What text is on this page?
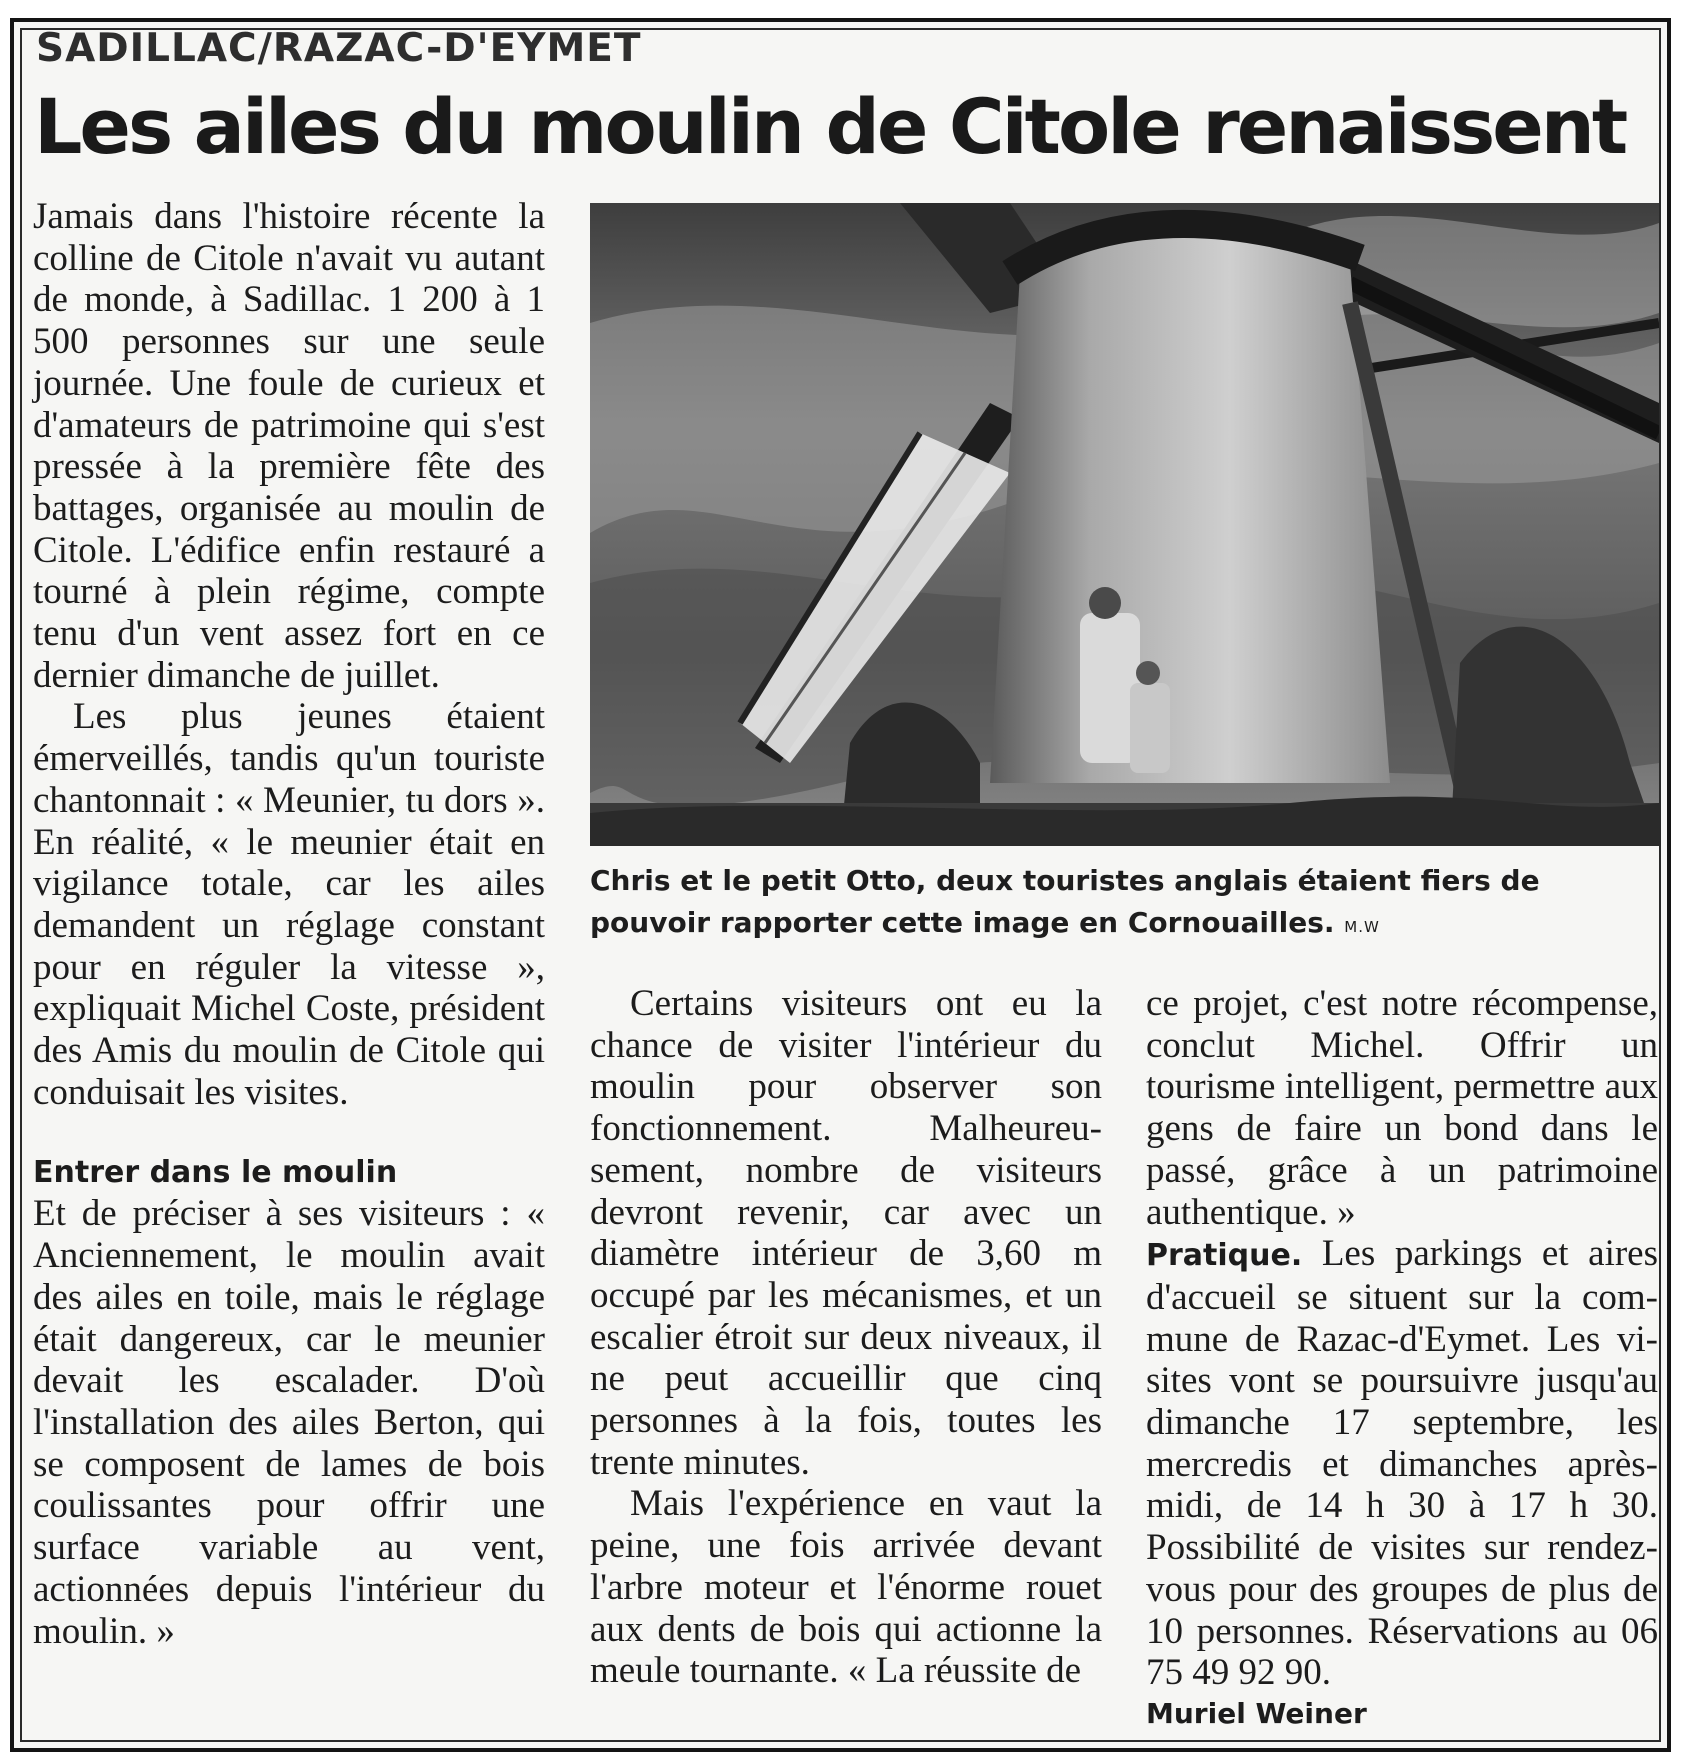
SADILLAC/RAZAC-D'EYMET
Les ailes du moulin de Citole renaissent

Jamais dans l'histoire récente la colline de Citole n'avait vu autant de monde, à Sadillac. 1 200 à 1 500 personnes sur une seule journée. Une foule de curieux et d'amateurs de patrimoine qui s'est pressée à la première fête des battages, organisée au moulin de Citole. L'édifice enfin restauré a tourné à plein régime, compte tenu d'un vent assez fort en ce dernier dimanche de juillet.

Les plus jeunes étaient émerveillés, tandis qu'un touriste chantonnait : « Meunier, tu dors ». En réalité, « le meunier était en vigilance totale, car les ailes demandent un réglage constant pour en réguler la vitesse », expliquait Michel Coste, président des Amis du moulin de Citole qui conduisait les visites.

Entrer dans le moulin

Et de préciser à ses visiteurs : « Anciennement, le moulin avait des ailes en toile, mais le réglage était dangereux, car le meunier devait les escalader. D'où l'installation des ailes Berton, qui se composent de lames de bois coulissantes pour offrir une surface variable au vent, actionnées depuis l'intérieur du moulin. »

Chris et le petit Otto, deux touristes anglais étaient fiers de pouvoir rapporter cette image en Cornouailles. M.W

Certains visiteurs ont eu la chance de visiter l'intérieur du moulin pour observer son fonctionnement. Malheureusement, nombre de visiteurs devront revenir, car avec un diamètre intérieur de 3,60 m occupé par les mécanismes, et un escalier étroit sur deux niveaux, il ne peut accueillir que cinq personnes à la fois, toutes les trente minutes.

Mais l'expérience en vaut la peine, une fois arrivée devant l'arbre moteur et l'énorme rouet aux dents de bois qui actionne la meule tournante. « La réussite de

ce projet, c'est notre récompense, conclut Michel. Offrir un tourisme intelligent, permettre aux gens de faire un bond dans le passé, grâce à un patrimoine authentique. »

Pratique. Les parkings et aires d'accueil se situent sur la commune de Razac-d'Eymet. Les visites vont se poursuivre jusqu'au dimanche 17 septembre, les mercredis et dimanches après-midi, de 14 h 30 à 17 h 30. Possibilité de visites sur rendez-vous pour des groupes de plus de 10 personnes. Réservations au 06 75 49 92 90.

Muriel Weiner
